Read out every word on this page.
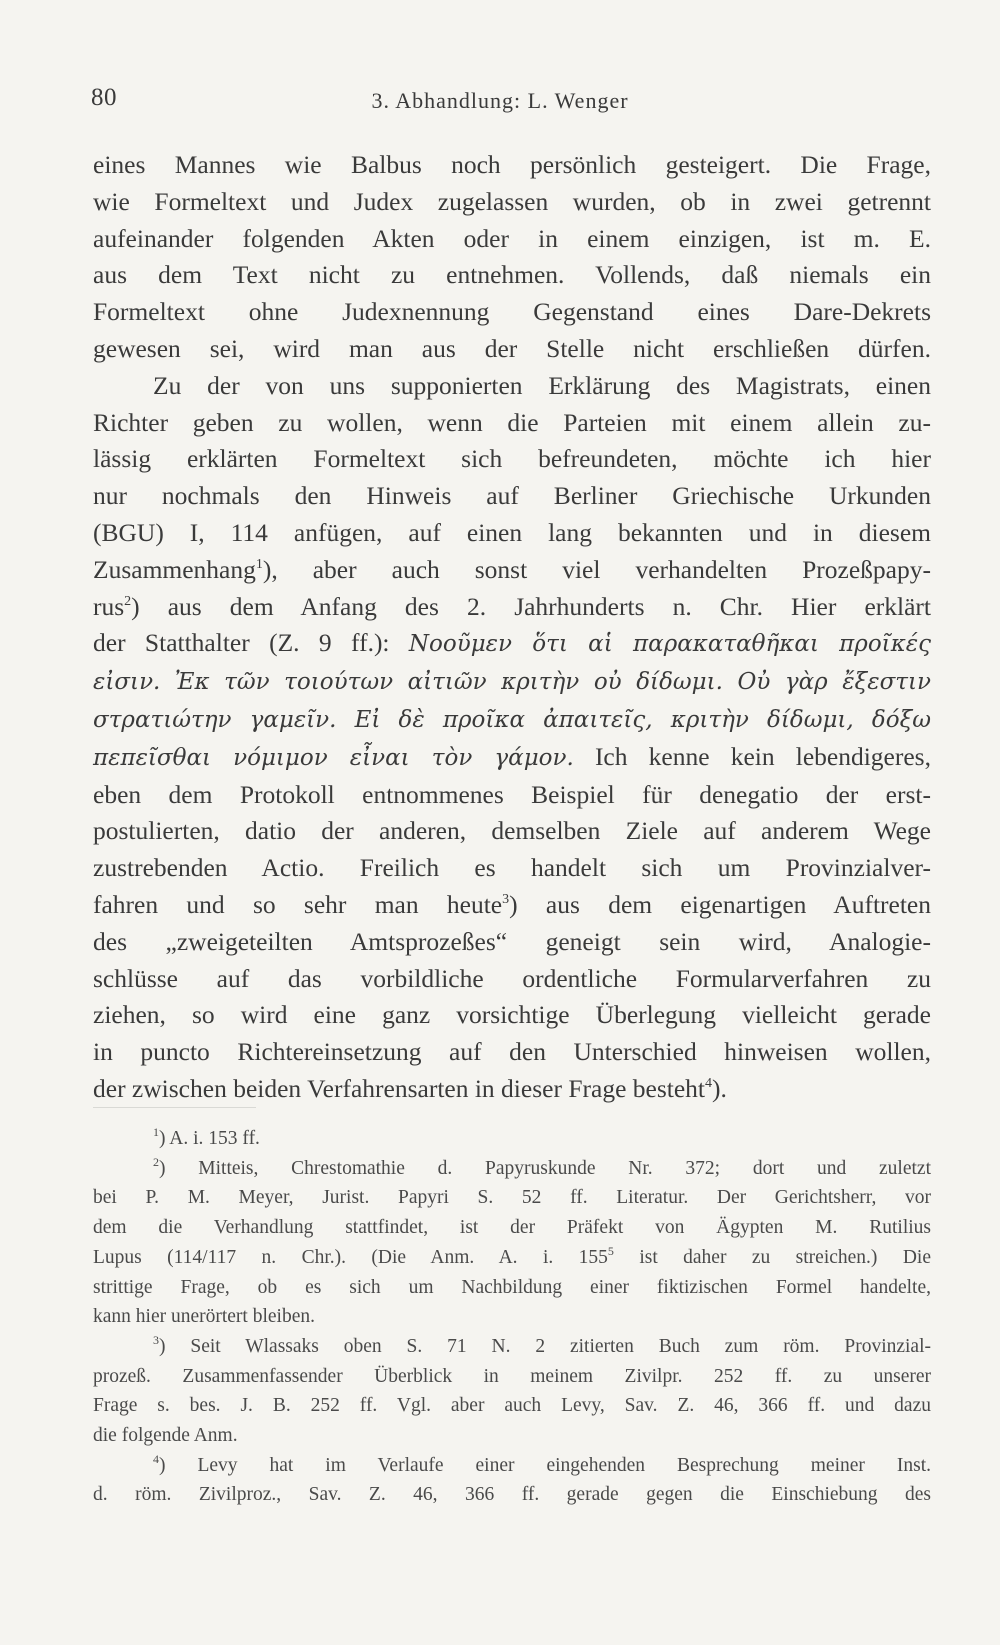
80	3. Abhandlung: L. Wenger
eines Mannes wie Balbus noch persönlich gesteigert. Die Frage,
wie Formeltext und Judex zugelassen wurden, ob in zwei getrennt
aufeinander folgenden Akten oder in einem einzigen, ist m. E.
aus dem Text nicht zu entnehmen. Vollends, daß niemals ein
Formeltext ohne Judexnennung Gegenstand eines Dare-Dekrets
gewesen sei, wird man aus der Stelle nicht erschließen dürfen.
Zu der von uns supponierten Erklärung des Magistrats, einen
Richter geben zu wollen, wenn die Parteien mit einem allein zu-
lässig erklärten Formeltext sich befreundeten, möchte ich hier
nur nochmals den Hinweis auf Berliner Griechische Urkunden
(BGU) I, 114 anfügen, auf einen lang bekannten und in diesem
Zusammenhang$^1$), aber auch sonst viel verhandelten Prozeßpapy-
rus$^2$) aus dem Anfang des 2. Jahrhunderts n. Chr. Hier erklärt
der Statthalter (Z. 9 ff.): Νοοῦμεν ὅτι αἱ παρακαταθῆκαι προῖκές
εἰσιν. Ἐκ τῶν τοιούτων αἰτιῶν κριτὴν οὐ δίδωμι. Οὐ γὰρ ἔξεστιν
στρατιώτην γαμεῖν. Εἰ δὲ προῖκα ἀπαιτεῖς, κριτὴν δίδωμι, δόξω
πεπεῖσθαι νόμιμον εἶναι τὸν γάμον. Ich kenne kein lebendigeres,
eben dem Protokoll entnommenes Beispiel für denegatio der erst-
postulierten, datio der anderen, demselben Ziele auf anderem Wege
zustrebenden Actio. Freilich es handelt sich um Provinzialver-
fahren und so sehr man heute$^3$) aus dem eigenartigen Auftreten
des „zweigeteilten Amtsprozeßes“ geneigt sein wird, Analogie-
schlüsse auf das vorbildliche ordentliche Formularverfahren zu
ziehen, so wird eine ganz vorsichtige Überlegung vielleicht gerade
in puncto Richtereinsetzung auf den Unterschied hinweisen wollen,
der zwischen beiden Verfahrensarten in dieser Frage besteht$^4$).
$^1$) A. i. 153 ff.
$^2$) Mitteis, Chrestomathie d. Papyruskunde Nr. 372; dort und zuletzt
bei P. M. Meyer, Jurist. Papyri S. 52 ff. Literatur. Der Gerichtsherr, vor
dem die Verhandlung stattfindet, ist der Präfekt von Ägypten M. Rutilius
Lupus (114/117 n. Chr.). (Die Anm. A. i. 155$^5$ ist daher zu streichen.) Die
strittige Frage, ob es sich um Nachbildung einer fiktizischen Formel handelte,
kann hier unerörtert bleiben.
$^3$) Seit Wlassaks oben S. 71 N. 2 zitierten Buch zum röm. Provinzial-
prozeß. Zusammenfassender Überblick in meinem Zivilpr. 252 ff. zu unserer
Frage s. bes. J. B. 252 ff. Vgl. aber auch Levy, Sav. Z. 46, 366 ff. und dazu
die folgende Anm.
$^4$) Levy hat im Verlaufe einer eingehenden Besprechung meiner Inst.
d. röm. Zivilproz., Sav. Z. 46, 366 ff. gerade gegen die Einschiebung des
